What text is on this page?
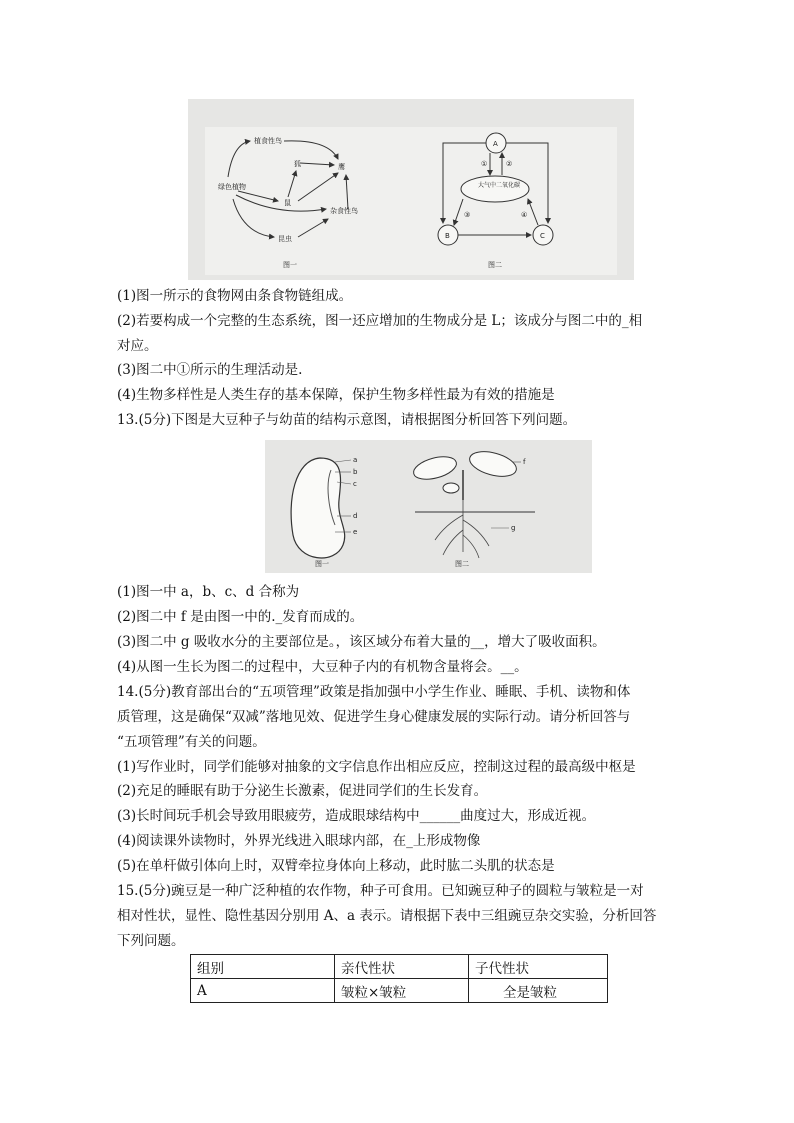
植食性鸟
狐	鹰
绿色植物
鼠
杂食性鸟
昆虫
图一
A
大气中二氧化碳
B	C
①	②
③	④
图二
(1)图一所示的食物网由条食物链组成。
(2)若要构成一个完整的生态系统，图一还应增加的生物成分是 L；该成分与图二中的_相
对应。
(3)图二中①所示的生理活动是.
(4)生物多样性是人类生存的基本保障，保护生物多样性最为有效的措施是
13.(5分)下图是大豆种子与幼苗的结构示意图，请根据图分析回答下列问题。
a
b
c
d
e
图一
f
g
图二
(1)图一中 a，b、c、d 合称为
(2)图二中 f 是由图一中的._发育而成的。
(3)图二中 g 吸收水分的主要部位是。，该区域分布着大量的__，增大了吸收面积。
(4)从图一生长为图二的过程中，大豆种子内的有机物含量将会。__。
14.(5分)教育部出台的“五项管理”政策是指加强中小学生作业、睡眠、手机、读物和体
质管理，这是确保“双减”落地见效、促进学生身心健康发展的实际行动。请分析回答与
“五项管理”有关的问题。
(1)写作业时，同学们能够对抽象的文字信息作出相应反应，控制这过程的最高级中枢是
(2)充足的睡眠有助于分泌生长激素，促进同学们的生长发育。
(3)长时间玩手机会导致用眼疲劳，造成眼球结构中______曲度过大，形成近视。
(4)阅读课外读物时，外界光线进入眼球内部，在_上形成物像
(5)在单杆做引体向上时，双臂牵拉身体向上移动，此时肱二头肌的状态是
15.(5分)豌豆是一种广泛种植的农作物，种子可食用。已知豌豆种子的圆粒与皱粒是一对
相对性状，显性、隐性基因分别用 A、a 表示。请根据下表中三组豌豆杂交实验，分析回答
下列问题。
组别	亲代性状	子代性状
A	皱粒×皱粒	全是皱粒
